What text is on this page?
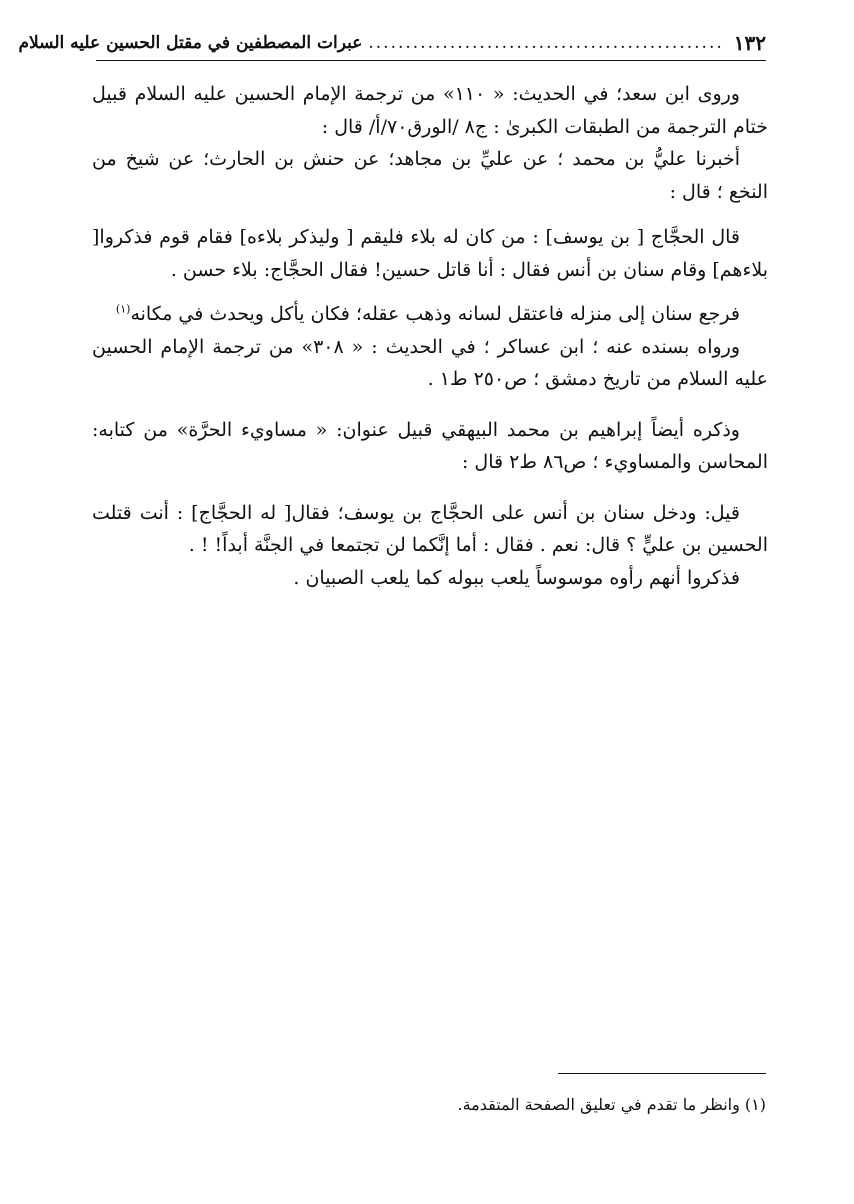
١٣٢
................................................
عبرات المصطفين في مقتل الحسين عليه السلام

وروى ابن سعد؛ في الحديث: « ١١٠» من ترجمة الإمام الحسين عليه السلام قبيل ختام الترجمة من الطبقات الكبرىٰ : ج٨ /الورق٧٠/أ/ قال :

أخبرنا عليُّ بن محمد ؛ عن عليِّ بن مجاهد؛ عن حنش بن الحارث؛ عن شيخ من النخع ؛ قال :

قال الحجَّاج [ بن يوسف] : من كان له بلاء فليقم [ وليذكر بلاءه] فقام قوم فذكروا[ بلاءهم] وقام سنان بن أنس فقال : أنا قاتل حسين! فقال الحجَّاج: بلاء حسن .

فرجع سنان إلى منزله فاعتقل لسانه وذهب عقله؛ فكان يأكل ويحدث في مكانه$^{(١)}$

ورواه بسنده عنه ؛ ابن عساكر ؛ في الحديث : « ٣٠٨» من ترجمة الإمام الحسين عليه السلام من تاريخ دمشق ؛ ص٢٥٠ ط١ .

وذكره أيضاً إبراهيم بن محمد البيهقي قبيل عنوان: « مساويء الحرَّة» من كتابه: المحاسن والمساويء ؛ ص٨٦ ط٢ قال :

قيل: ودخل سنان بن أنس على الحجَّاج بن يوسف؛ فقال[ له الحجَّاج] : أنت قتلت الحسين بن عليٍّ ؟ قال: نعم . فقال : أما إنَّكما لن تجتمعا في الجنَّة أبداً! ! .

فذكروا أنهم رأوه موسوساً يلعب ببوله كما يلعب الصبيان .

(١) وانظر ما تقدم في تعليق الصفحة المتقدمة.
